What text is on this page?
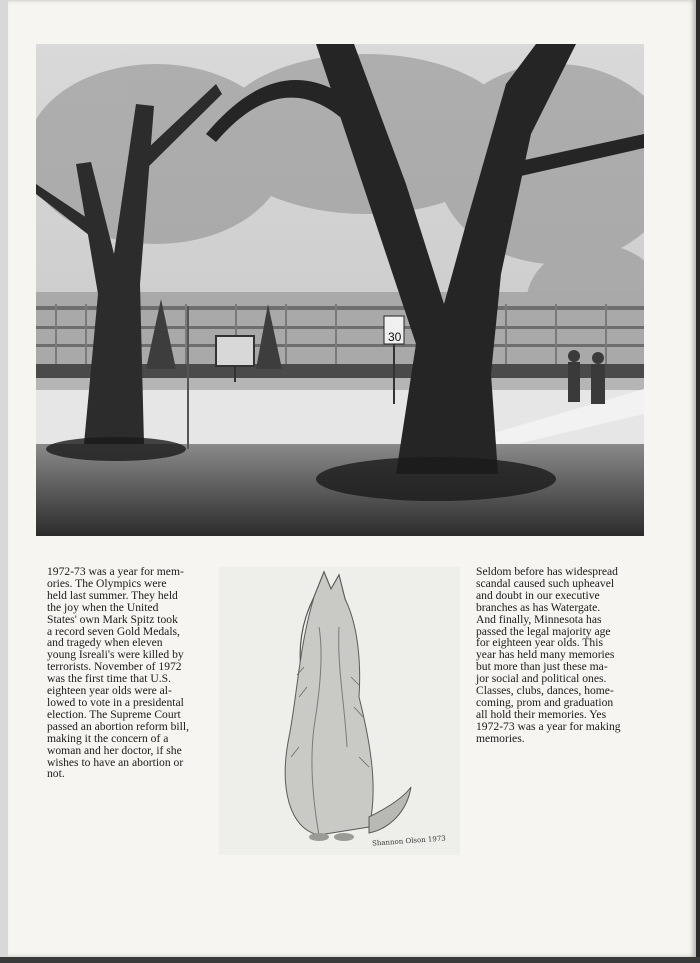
30
1972-73 was a year for mem-
ories. The Olympics were
held last summer. They held
the joy when the United
States' own Mark Spitz took
a record seven Gold Medals,
and tragedy when eleven
young Isreali's were killed by
terrorists. November of 1972
was the first time that U.S.
eighteen year olds were al-
lowed to vote in a presidental
election. The Supreme Court
passed an abortion reform bill,
making it the concern of a
woman and her doctor, if she
wishes to have an abortion or
not.
Shannon Olson 1973
Seldom before has widespread
scandal caused such upheavel
and doubt in our executive
branches as has Watergate.
And finally, Minnesota has
passed the legal majority age
for eighteen year olds. This
year has held many memories
but more than just these ma-
jor social and political ones.
Classes, clubs, dances, home-
coming, prom and graduation
all hold their memories. Yes
1972-73 was a year for making
memories.
